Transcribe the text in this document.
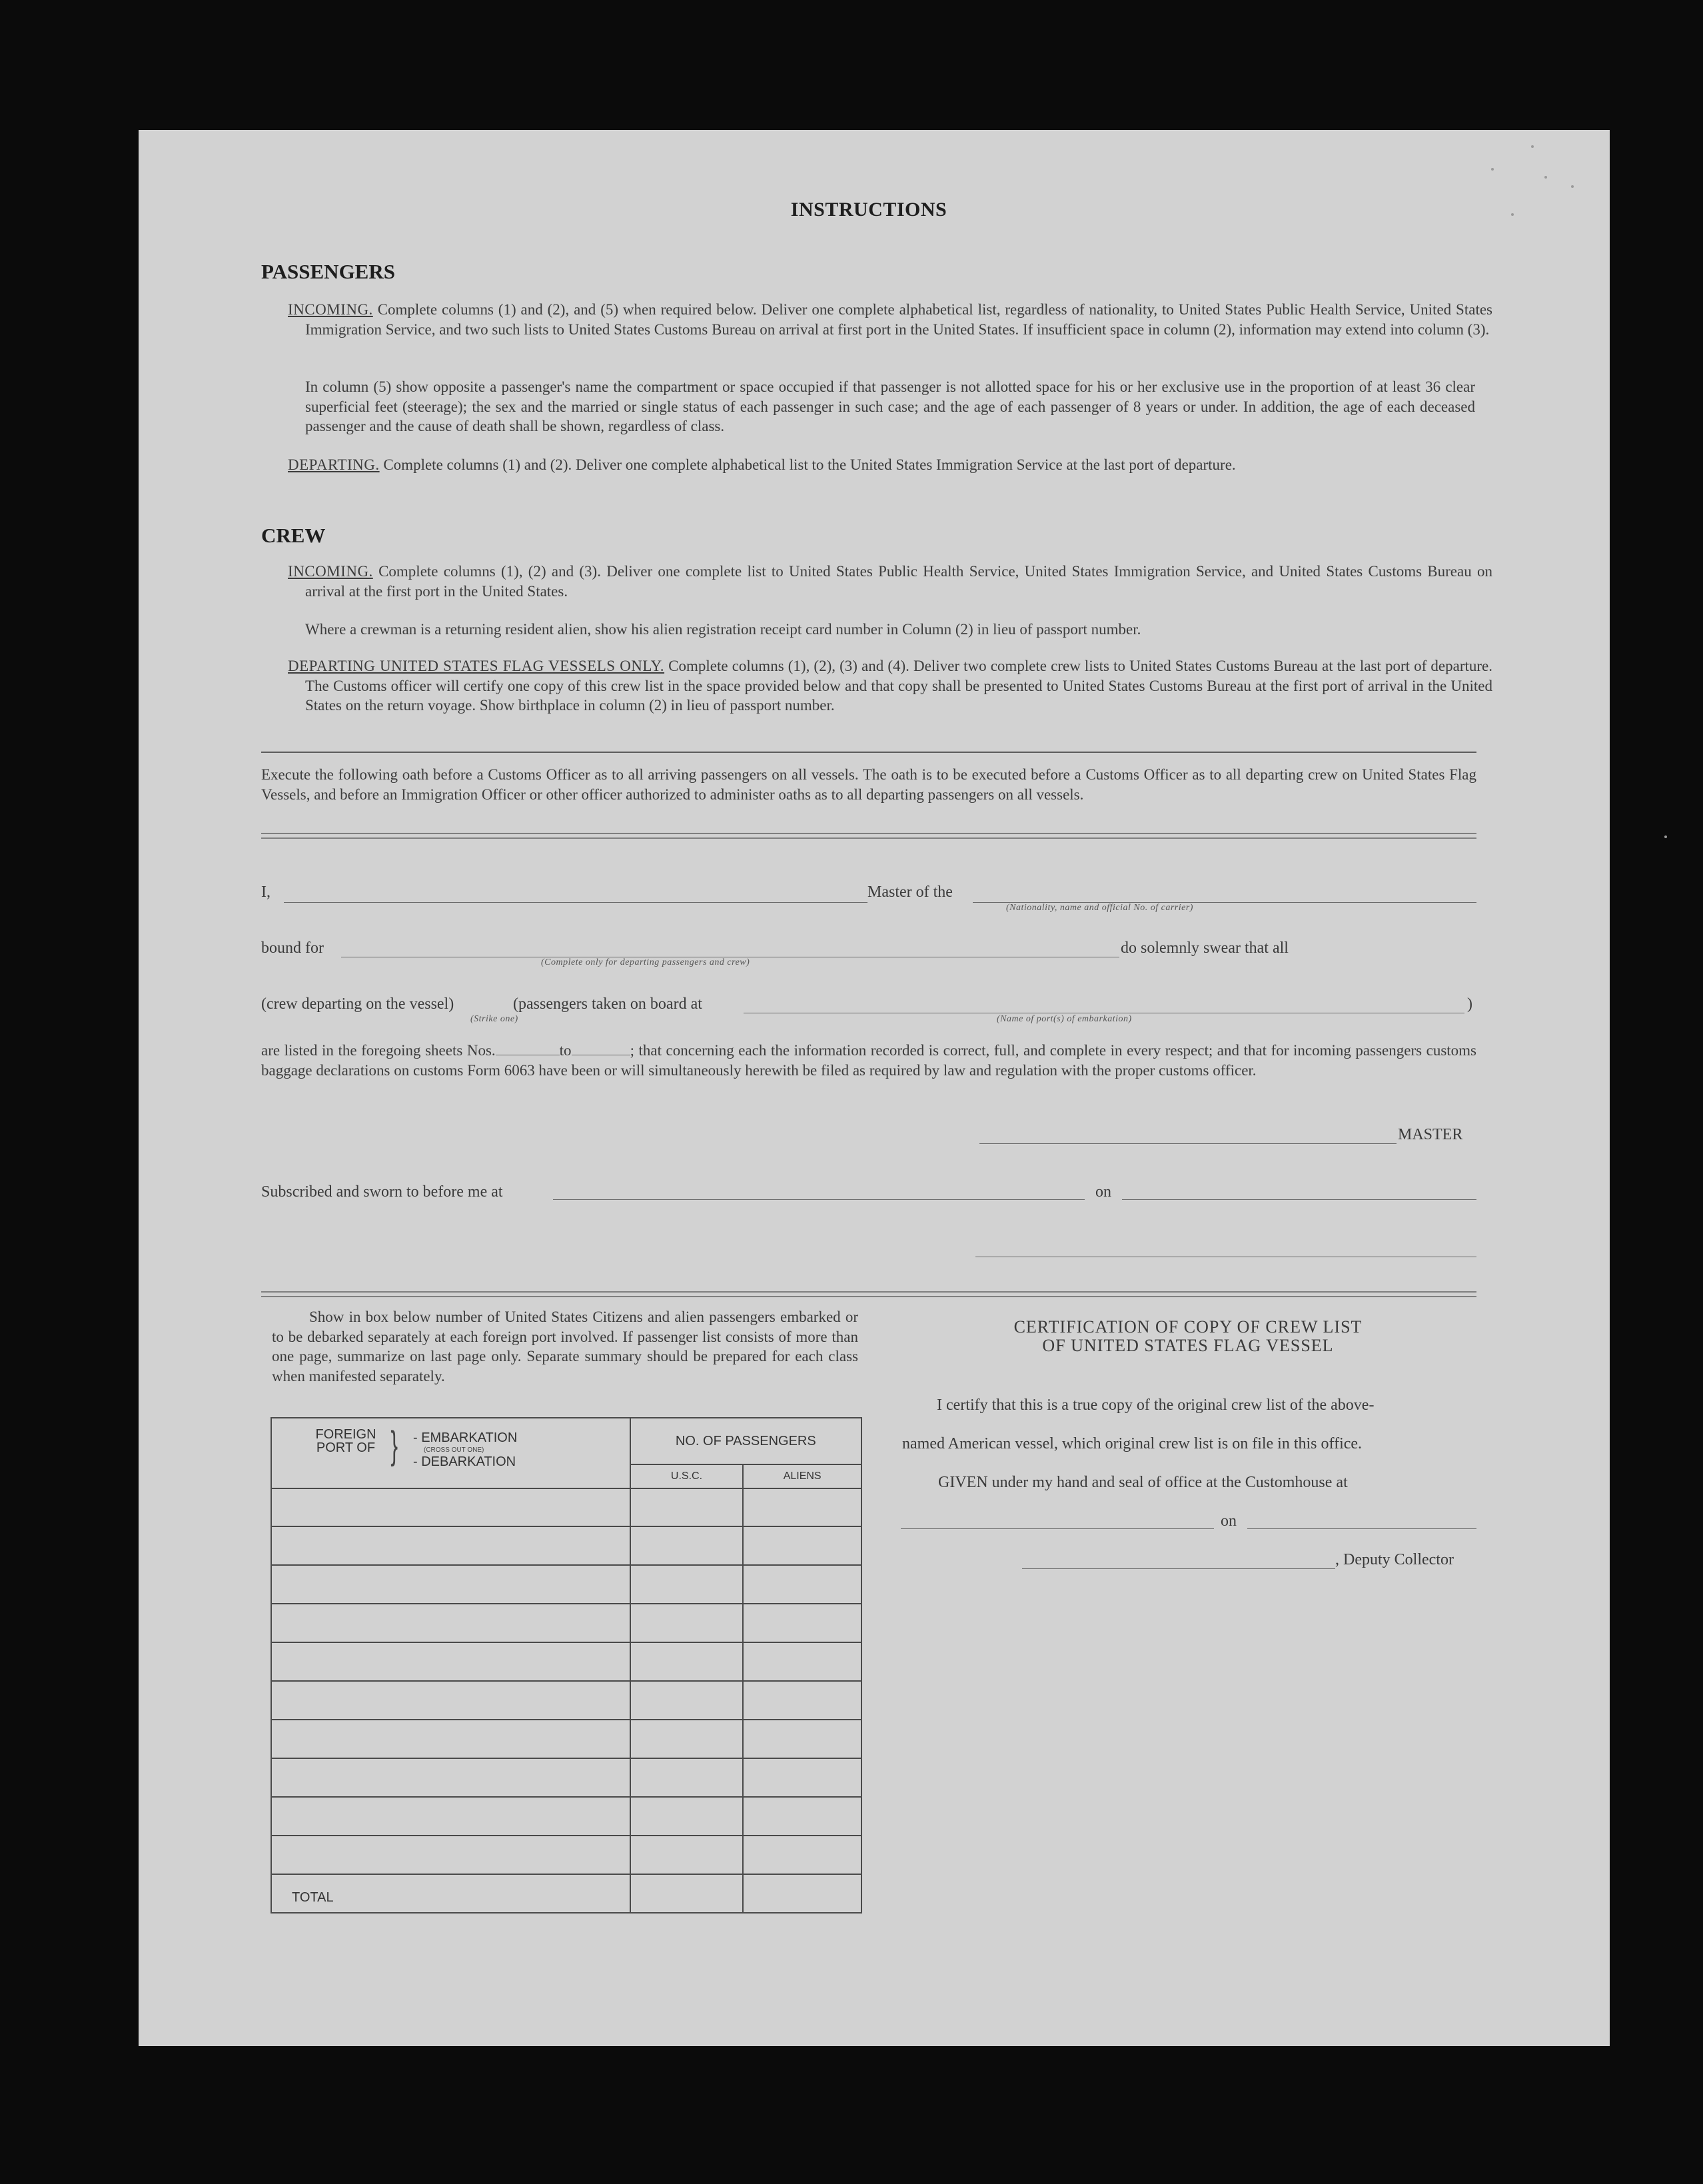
INSTRUCTIONS
PASSENGERS
INCOMING. Complete columns (1) and (2), and (5) when required below. Deliver one complete alphabetical list, regardless of nationality, to United States Public Health Service, United States Immigration Service, and two such lists to United States Customs Bureau on arrival at first port in the United States. If insufficient space in column (2), information may extend into column (3).
In column (5) show opposite a passenger's name the compartment or space occupied if that passenger is not allotted space for his or her exclusive use in the proportion of at least 36 clear superficial feet (steerage); the sex and the married or single status of each passenger in such case; and the age of each passenger of 8 years or under. In addition, the age of each deceased passenger and the cause of death shall be shown, regardless of class.
DEPARTING. Complete columns (1) and (2). Deliver one complete alphabetical list to the United States Immigration Service at the last port of departure.
CREW
INCOMING. Complete columns (1), (2) and (3). Deliver one complete list to United States Public Health Service, United States Immigration Service, and United States Customs Bureau on arrival at the first port in the United States.
Where a crewman is a returning resident alien, show his alien registration receipt card number in Column (2) in lieu of passport number.
DEPARTING UNITED STATES FLAG VESSELS ONLY. Complete columns (1), (2), (3) and (4). Deliver two complete crew lists to United States Customs Bureau at the last port of departure. The Customs officer will certify one copy of this crew list in the space provided below and that copy shall be presented to United States Customs Bureau at the first port of arrival in the United States on the return voyage. Show birthplace in column (2) in lieu of passport number.
Execute the following oath before a Customs Officer as to all arriving passengers on all vessels. The oath is to be executed before a Customs Officer as to all departing crew on United States Flag Vessels, and before an Immigration Officer or other officer authorized to administer oaths as to all departing passengers on all vessels.
I,	Master of the
(Nationality, name and official No. of carrier)
bound for
(Complete only for departing passengers and crew)
do solemnly swear that all
(crew departing on the vessel)	(passengers taken on board at
(Strike one)	(Name of port(s) of embarkation)
)
are listed in the foregoing sheets Nos.	to	; that concerning each the information recorded is correct, full, and complete in every respect; and that for incoming passengers customs baggage declarations on customs Form 6063 have been or will simultaneously herewith be filed as required by law and regulation with the proper customs officer.
MASTER
Subscribed and sworn to before me at	on
Show in box below number of United States Citizens and alien passengers embarked or to be debarked separately at each foreign port involved. If passenger list consists of more than one page, summarize on last page only. Separate summary should be prepared for each class when manifested separately.
FOREIGN PORT OF } - EMBARKATION
(CROSS OUT ONE)
- DEBARKATION	NO. OF PASSENGERS	
	U.S.C.	ALIENS

TOTAL		
CERTIFICATION OF COPY OF CREW LIST
OF UNITED STATES FLAG VESSEL
I certify that this is a true copy of the original crew list of the above-
named American vessel, which original crew list is on file in this office.
GIVEN under my hand and seal of office at the Customhouse at
on
, Deputy Collector
